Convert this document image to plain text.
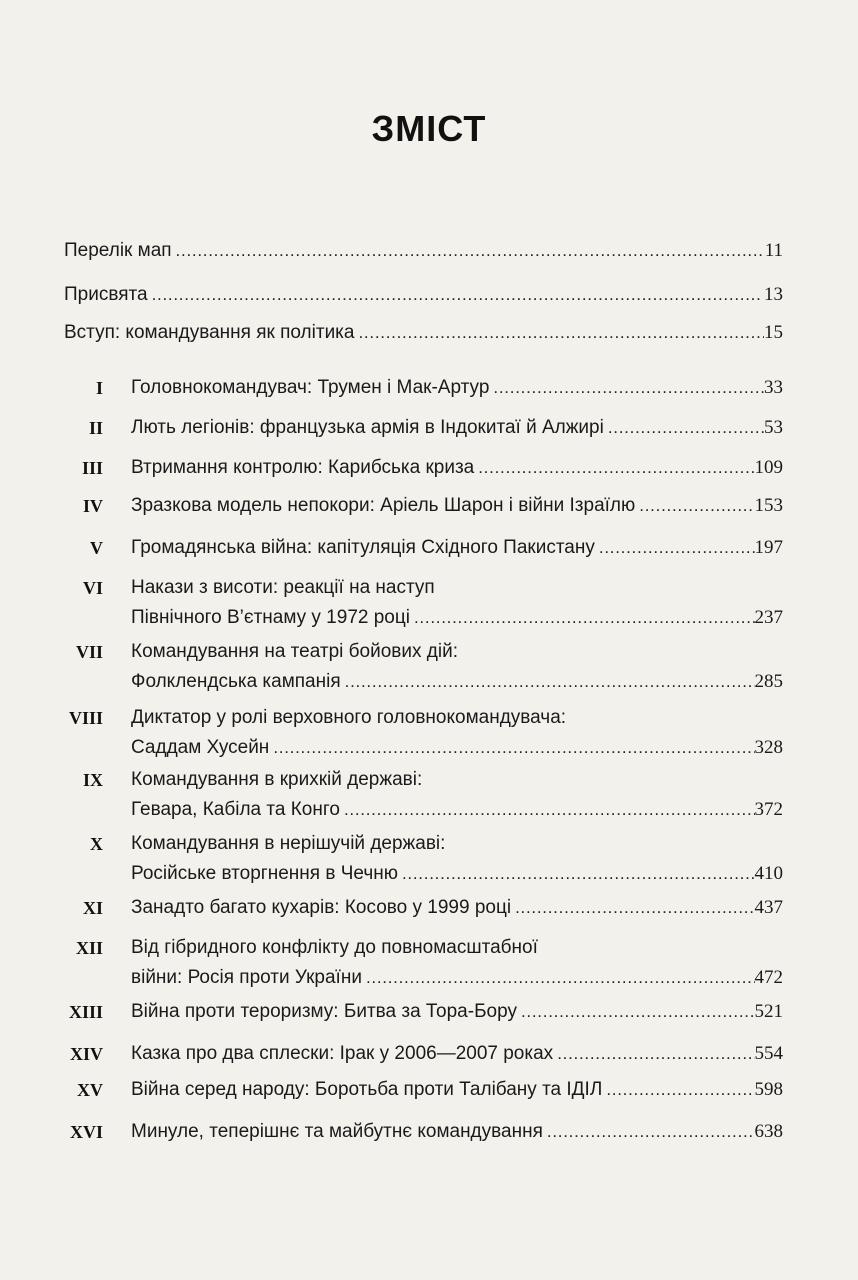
ЗМІСТ
Перелік мап . . .	11
Присвята . . .	13
Вступ: командування як політика . . .	15
I Головнокомандувач: Трумен і Мак-Артур . . .	33
II Лють легіонів: французька армія в Індокитаї й Алжирі . . .	53
III Втримання контролю: Карибська криза . . .	109
IV Зразкова модель непокори: Аріель Шарон і війни Ізраїлю . . .	153
V Громадянська війна: капітуляція Східного Пакистану . . .	197
VI Накази з висоти: реакції на наступ
Північного В’єтнаму у 1972 році . . .	237
VII Командування на театрі бойових дій:
Фолклендська кампанія . . .	285
VIII Диктатор у ролі верховного головнокомандувача:
Саддам Хусейн . . .	328
IX Командування в крихкій державі:
Гевара, Кабіла та Конго . . .	372
X Командування в нерішучій державі:
Російське вторгнення в Чечню . . .	410
XI Занадто багато кухарів: Косово у 1999 році . . .	437
XII Від гібридного конфлікту до повномасштабної
війни: Росія проти України . . .	472
XIII Війна проти тероризму: Битва за Тора-Бору . . .	521
XIV Казка про два сплески: Ірак у 2006—2007 роках . . .	554
XV Війна серед народу: Боротьба проти Талібану та ІДІЛ . . .	598
XVI Минуле, теперішнє та майбутнє командування . . .	638
